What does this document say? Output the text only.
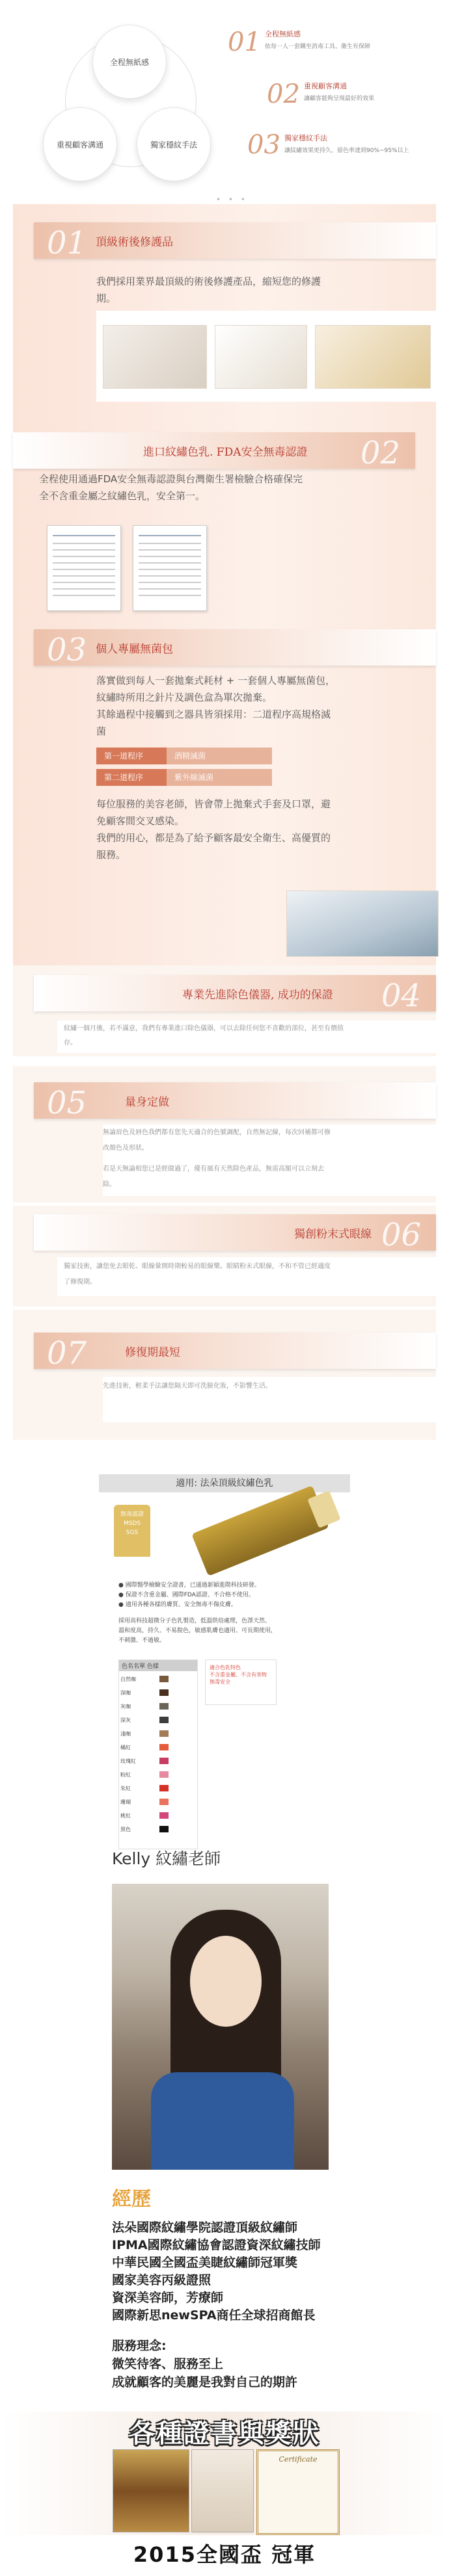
全程無紙感
重視顧客溝通	獨家穩紋手法
01 全程無紙感
依每一人一套購至消毒工具、衛生有保障
02 重視顧客溝通
讓顧客能夠呈現最好的效果
03 獨家穩紋手法
讓紋繡效果更持久、留色率達到90%~95%以上
• • •
01 頂級術後修護品
我們採用業界最頂級的術後修護產品，縮短您的修護
期。
進口紋繡色乳. FDA安全無毒認證 02
全程使用通過FDA安全無毒認證與台灣衛生署檢驗合格確保完
全不含重金屬之紋繡色乳，安全第一。
03 個人專屬無菌包
落實做到每人一套拋棄式耗材 + 一套個人專屬無菌包，
紋繡時所用之針片及調色盒為單次拋棄。
其餘過程中接觸到之器具皆須採用：二道程序高規格滅
菌
第一道程序	酒精滅菌
第二道程序	紫外線滅菌
每位服務的美容老師，皆會帶上拋棄式手套及口罩，避
免顧客間交叉感染。
我們的用心，都是為了給予顧客最安全衛生、高優質的
服務。
專業先進除色儀器, 成功的保證 04
紋繡一個月後，若不滿意，我們有專業進口除色儀器，可以去除任何您不喜歡的部位，甚至有價值
存。
05	量身定做
無論眉色及唇色我們都有您先天適合的色號調配，自然無記線，每次回補都可修
改顏色及形狀。
若是天無論相您已是經做過了，優有風有天然除色產品，無需高額可以立刻去
除。
獨創粉末式眼線 06
獨家技術，讓您免去眼乾、眼線暈開時期較易的眼線樂。眼睛粉末式眼線，不和不管已經適度
了修復期。
07	修復期最短
先進技術，輕柔手法讓您隔天即可洗臉化妝，不影響生活。
適用: 法朵頂級紋繡色乳
無毒認證
MSDS
SGS
● 國際醫學檢驗安全證書，已通過新穎進階科技研發。
● 保證不含重金屬、國際FDA認證、不合格不使用。
● 適用各種各樣的膚質、安全無毒不傷皮膚。
採用高科技超微分子色乳製造，低溫烘焙處理，色澤天然、
溫和度高，持久、不易脫色，敏感肌膚也適用、可長期使用，
不刺激、不過敏。
色名名單 色樣
自然咖
深咖
灰咖
深灰
淺咖
橘紅
玫瑰紅
粉紅
朱紅
珊瑚
桃紅
黑色
適合色乳特色
不含重金屬、不含有害物
無毒安全
Kelly 紋繡老師
經歷
法朵國際紋繡學院認證頂級紋繡師
IPMA國際紋繡協會認證資深紋繡技師
中華民國全國盃美睫紋繡師冠軍獎
國家美容丙級證照
資深美容師，芳療師
國際新思newSPA商任全球招商館長
服務理念:
微笑待客、服務至上
成就顧客的美麗是我對自己的期許
各種證書與獎狀
Certificate
2015全國盃 冠軍
